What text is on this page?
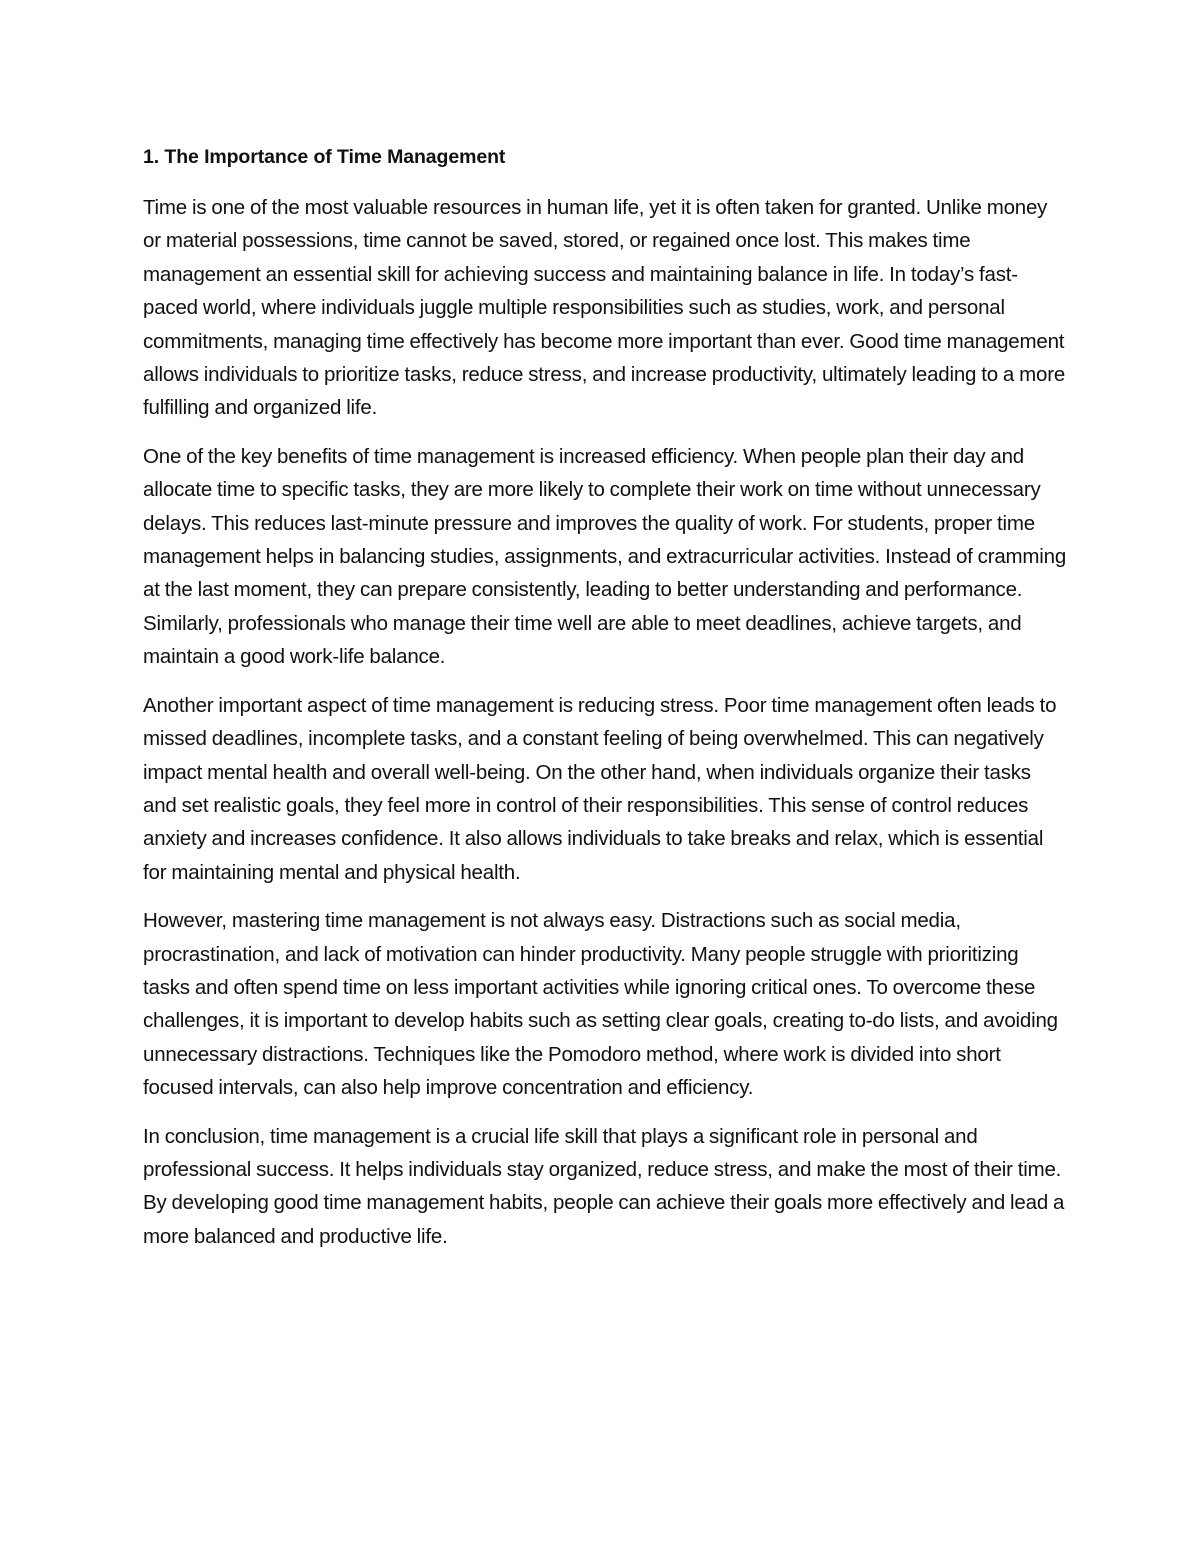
1. The Importance of Time Management

Time is one of the most valuable resources in human life, yet it is often taken for granted. Unlike money or material possessions, time cannot be saved, stored, or regained once lost. This makes time management an essential skill for achieving success and maintaining balance in life. In today’s fast-paced world, where individuals juggle multiple responsibilities such as studies, work, and personal commitments, managing time effectively has become more important than ever. Good time management allows individuals to prioritize tasks, reduce stress, and increase productivity, ultimately leading to a more fulfilling and organized life.

One of the key benefits of time management is increased efficiency. When people plan their day and allocate time to specific tasks, they are more likely to complete their work on time without unnecessary delays. This reduces last-minute pressure and improves the quality of work. For students, proper time management helps in balancing studies, assignments, and extracurricular activities. Instead of cramming at the last moment, they can prepare consistently, leading to better understanding and performance. Similarly, professionals who manage their time well are able to meet deadlines, achieve targets, and maintain a good work-life balance.

Another important aspect of time management is reducing stress. Poor time management often leads to missed deadlines, incomplete tasks, and a constant feeling of being overwhelmed. This can negatively impact mental health and overall well-being. On the other hand, when individuals organize their tasks and set realistic goals, they feel more in control of their responsibilities. This sense of control reduces anxiety and increases confidence. It also allows individuals to take breaks and relax, which is essential for maintaining mental and physical health.

However, mastering time management is not always easy. Distractions such as social media, procrastination, and lack of motivation can hinder productivity. Many people struggle with prioritizing tasks and often spend time on less important activities while ignoring critical ones. To overcome these challenges, it is important to develop habits such as setting clear goals, creating to-do lists, and avoiding unnecessary distractions. Techniques like the Pomodoro method, where work is divided into short focused intervals, can also help improve concentration and efficiency.

In conclusion, time management is a crucial life skill that plays a significant role in personal and professional success. It helps individuals stay organized, reduce stress, and make the most of their time. By developing good time management habits, people can achieve their goals more effectively and lead a more balanced and productive life.
